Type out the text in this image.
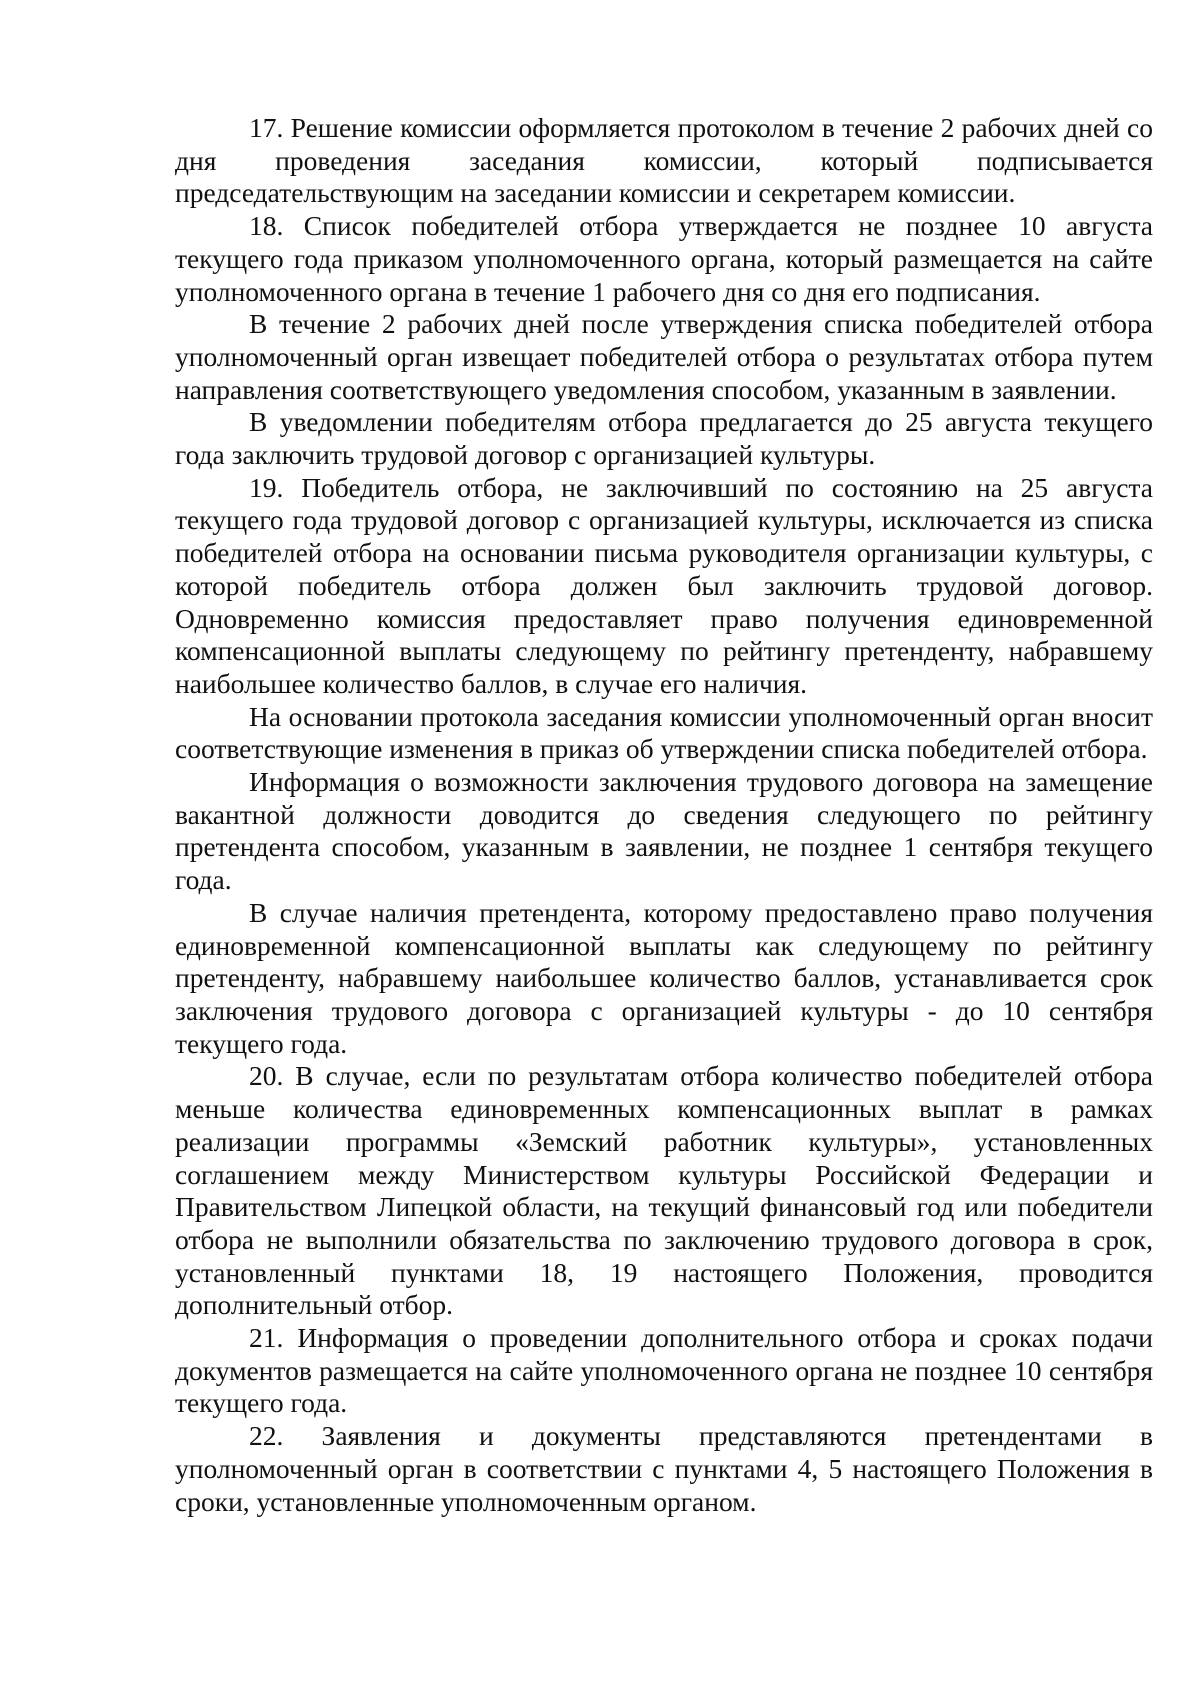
17. Решение комиссии оформляется протоколом в течение 2 рабочих дней со дня проведения заседания комиссии, который подписывается председательствующим на заседании комиссии и секретарем комиссии.

18. Список победителей отбора утверждается не позднее 10 августа текущего года приказом уполномоченного органа, который размещается на сайте уполномоченного органа в течение 1 рабочего дня со дня его подписания.

В течение 2 рабочих дней после утверждения списка победителей отбора уполномоченный орган извещает победителей отбора о результатах отбора путем направления соответствующего уведомления способом, указанным в заявлении.

В уведомлении победителям отбора предлагается до 25 августа текущего года заключить трудовой договор с организацией культуры.

19. Победитель отбора, не заключивший по состоянию на 25 августа текущего года трудовой договор с организацией культуры, исключается из списка победителей отбора на основании письма руководителя организации культуры, с которой победитель отбора должен был заключить трудовой договор. Одновременно комиссия предоставляет право получения единовременной компенсационной выплаты следующему по рейтингу претенденту, набравшему наибольшее количество баллов, в случае его наличия.

На основании протокола заседания комиссии уполномоченный орган вносит соответствующие изменения в приказ об утверждении списка победителей отбора.

Информация о возможности заключения трудового договора на замещение вакантной должности доводится до сведения следующего по рейтингу претендента способом, указанным в заявлении, не позднее 1 сентября текущего года.

В случае наличия претендента, которому предоставлено право получения единовременной компенсационной выплаты как следующему по рейтингу претенденту, набравшему наибольшее количество баллов, устанавливается срок заключения трудового договора с организацией культуры - до 10 сентября текущего года.

20. В случае, если по результатам отбора количество победителей отбора меньше количества единовременных компенсационных выплат в рамках реализации программы «Земский работник культуры», установленных соглашением между Министерством культуры Российской Федерации и Правительством Липецкой области, на текущий финансовый год или победители отбора не выполнили обязательства по заключению трудового договора в срок, установленный пунктами 18, 19 настоящего Положения, проводится дополнительный отбор.

21. Информация о проведении дополнительного отбора и сроках подачи документов размещается на сайте уполномоченного органа не позднее 10 сентября текущего года.

22. Заявления и документы представляются претендентами в уполномоченный орган в соответствии с пунктами 4, 5 настоящего Положения в сроки, установленные уполномоченным органом.
